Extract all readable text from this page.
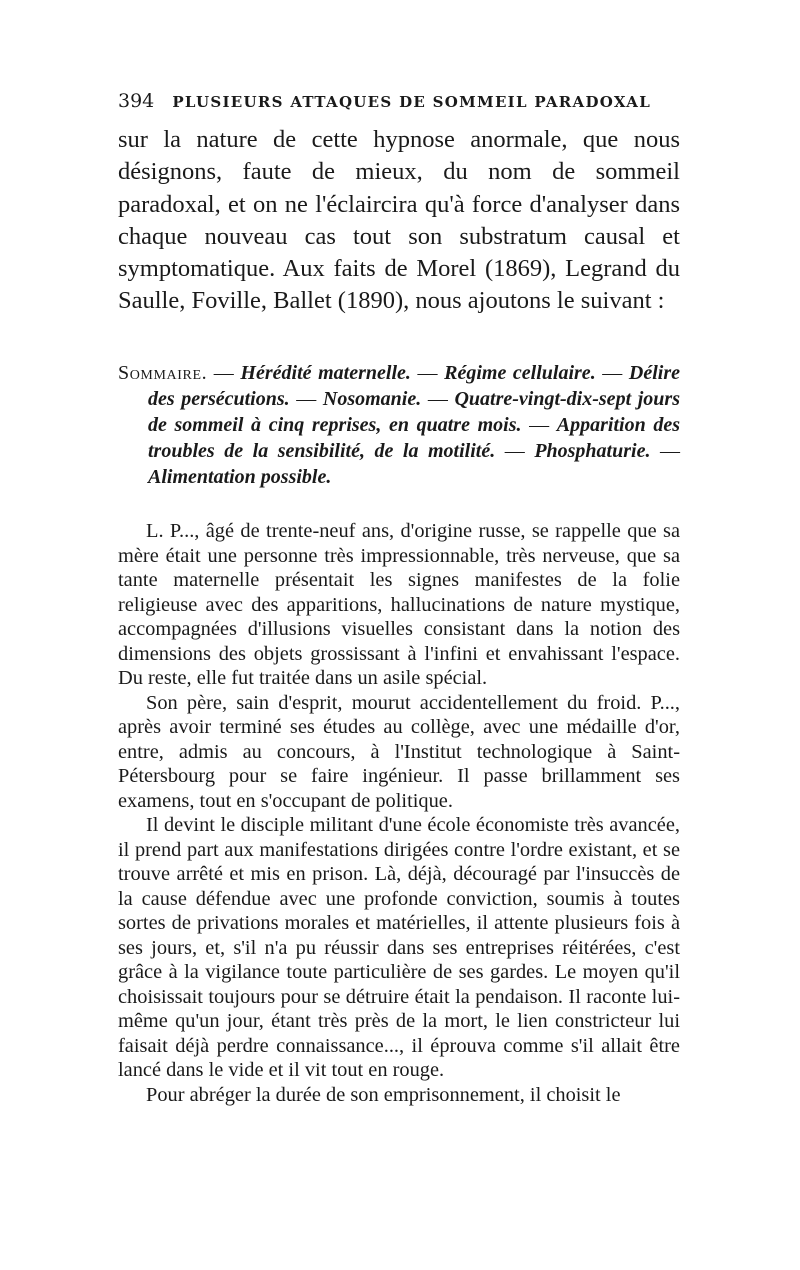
394 PLUSIEURS ATTAQUES DE SOMMEIL PARADOXAL

sur la nature de cette hypnose anormale, que nous désignons, faute de mieux, du nom de sommeil paradoxal, et on ne l'éclaircira qu'à force d'analyser dans chaque nouveau cas tout son substratum causal et symptomatique. Aux faits de Morel (1869), Legrand du Saulle, Foville, Ballet (1890), nous ajoutons le suivant :

Sommaire. — Hérédité maternelle. — Régime cellulaire. — Délire des persécutions. — Nosomanie. — Quatre-vingt-dix-sept jours de sommeil à cinq reprises, en quatre mois. — Apparition des troubles de la sensibilité, de la motilité. — Phosphaturie. — Alimentation possible.

L. P..., âgé de trente-neuf ans, d'origine russe, se rappelle que sa mère était une personne très impressionnable, très nerveuse, que sa tante maternelle présentait les signes manifestes de la folie religieuse avec des apparitions, hallucinations de nature mystique, accompagnées d'illusions visuelles consistant dans la notion des dimensions des objets grossissant à l'infini et envahissant l'espace. Du reste, elle fut traitée dans un asile spécial.

Son père, sain d'esprit, mourut accidentellement du froid. P..., après avoir terminé ses études au collège, avec une médaille d'or, entre, admis au concours, à l'Institut technologique à Saint-Pétersbourg pour se faire ingénieur. Il passe brillamment ses examens, tout en s'occupant de politique.

Il devint le disciple militant d'une école économiste très avancée, il prend part aux manifestations dirigées contre l'ordre existant, et se trouve arrêté et mis en prison. Là, déjà, découragé par l'insuccès de la cause défendue avec une profonde conviction, soumis à toutes sortes de privations morales et matérielles, il attente plusieurs fois à ses jours, et, s'il n'a pu réussir dans ses entreprises réitérées, c'est grâce à la vigilance toute particulière de ses gardes. Le moyen qu'il choisissait toujours pour se détruire était la pendaison. Il raconte lui-même qu'un jour, étant très près de la mort, le lien constricteur lui faisait déjà perdre connaissance..., il éprouva comme s'il allait être lancé dans le vide et il vit tout en rouge.

Pour abréger la durée de son emprisonnement, il choisit le
